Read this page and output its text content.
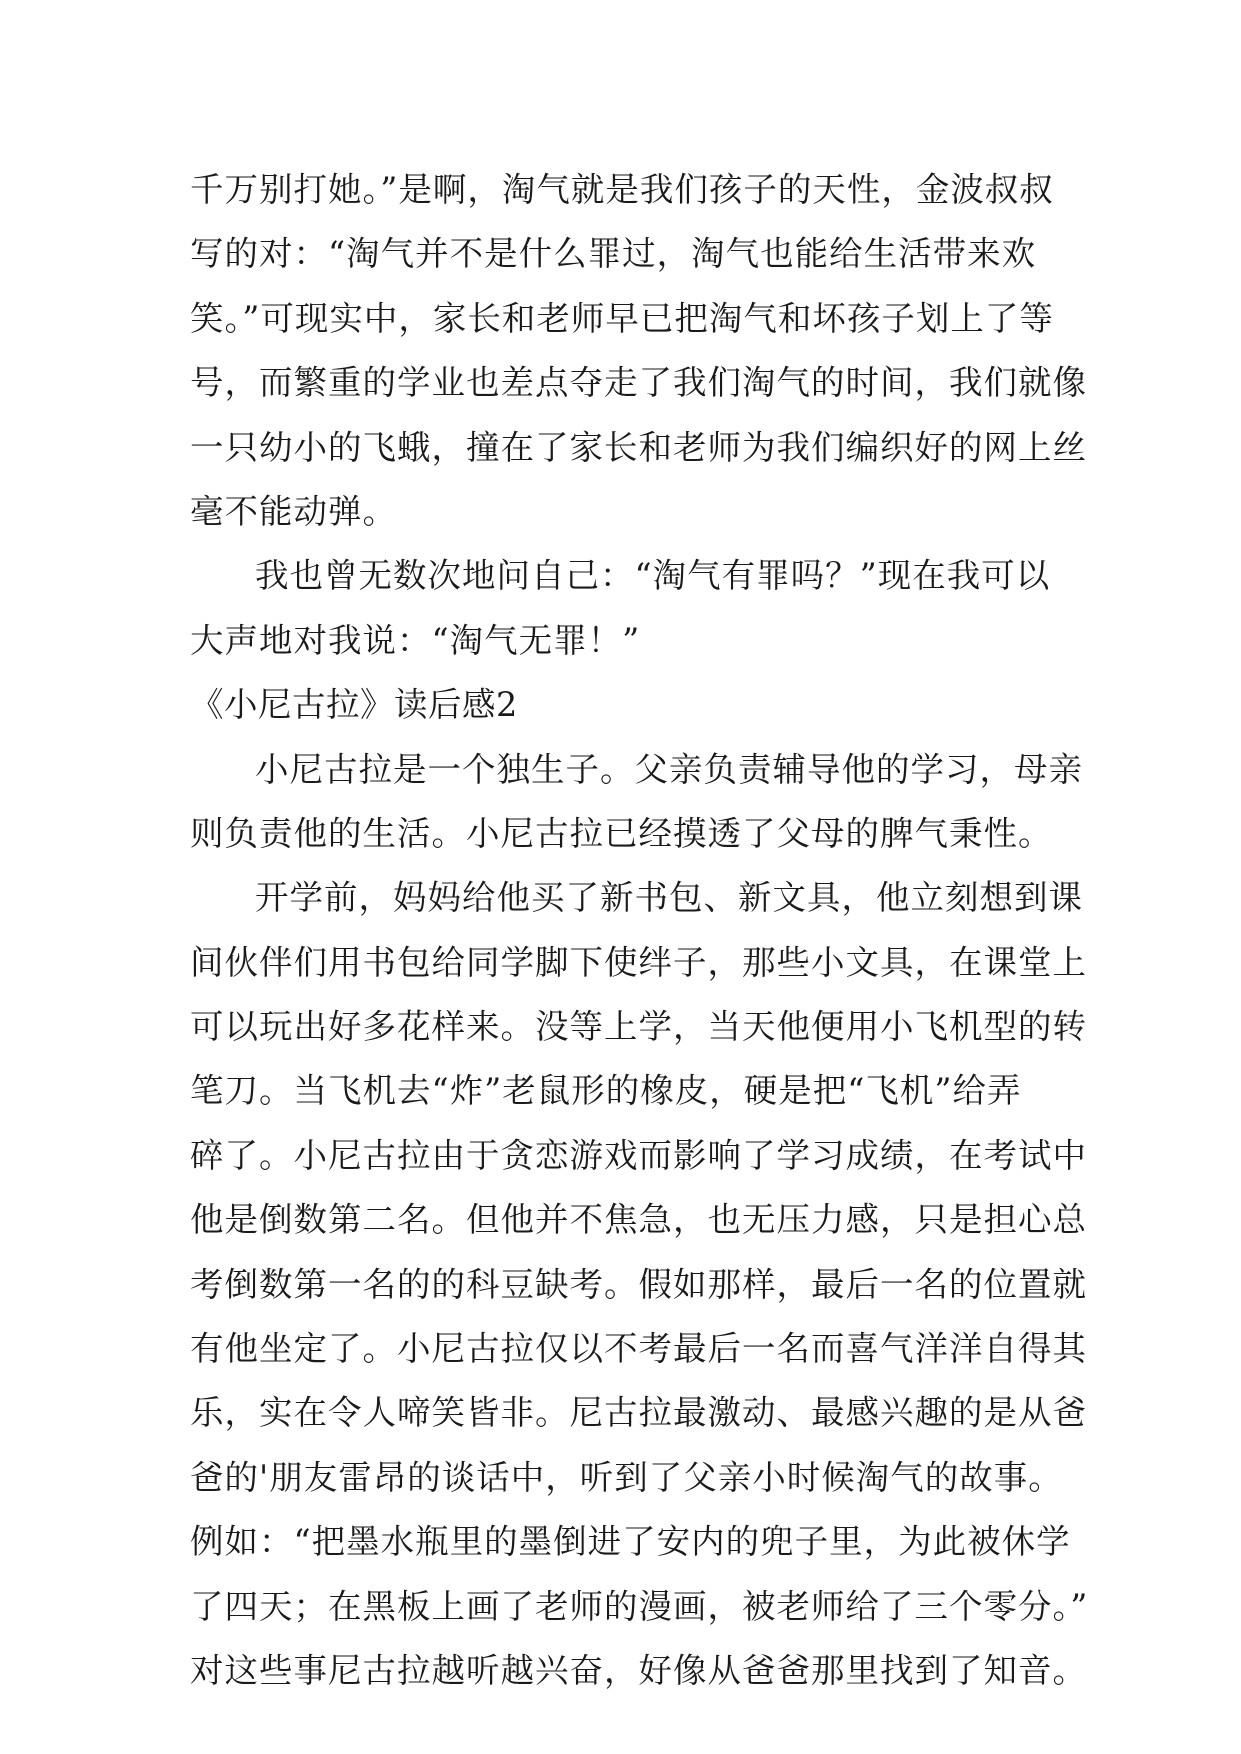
千万别打她。”是啊，淘气就是我们孩子的天性，金波叔叔
写的对：“淘气并不是什么罪过，淘气也能给生活带来欢
笑。”可现实中，家长和老师早已把淘气和坏孩子划上了等
号，而繁重的学业也差点夺走了我们淘气的时间，我们就像
一只幼小的飞蛾，撞在了家长和老师为我们编织好的网上丝
毫不能动弹。
我也曾无数次地问自己：“淘气有罪吗？”现在我可以
大声地对我说：“淘气无罪！”
《小尼古拉》读后感2
小尼古拉是一个独生子。父亲负责辅导他的学习，母亲
则负责他的生活。小尼古拉已经摸透了父母的脾气秉性。
开学前，妈妈给他买了新书包、新文具，他立刻想到课
间伙伴们用书包给同学脚下使绊子，那些小文具，在课堂上
可以玩出好多花样来。没等上学，当天他便用小飞机型的转
笔刀。当飞机去“炸”老鼠形的橡皮，硬是把“飞机”给弄
碎了。小尼古拉由于贪恋游戏而影响了学习成绩，在考试中
他是倒数第二名。但他并不焦急，也无压力感，只是担心总
考倒数第一名的的科豆缺考。假如那样，最后一名的位置就
有他坐定了。小尼古拉仅以不考最后一名而喜气洋洋自得其
乐，实在令人啼笑皆非。尼古拉最激动、最感兴趣的是从爸
爸的'朋友雷昂的谈话中，听到了父亲小时候淘气的故事。
例如：“把墨水瓶里的墨倒进了安内的兜子里，为此被休学
了四天；在黑板上画了老师的漫画，被老师给了三个零分。”
对这些事尼古拉越听越兴奋，好像从爸爸那里找到了知音。
